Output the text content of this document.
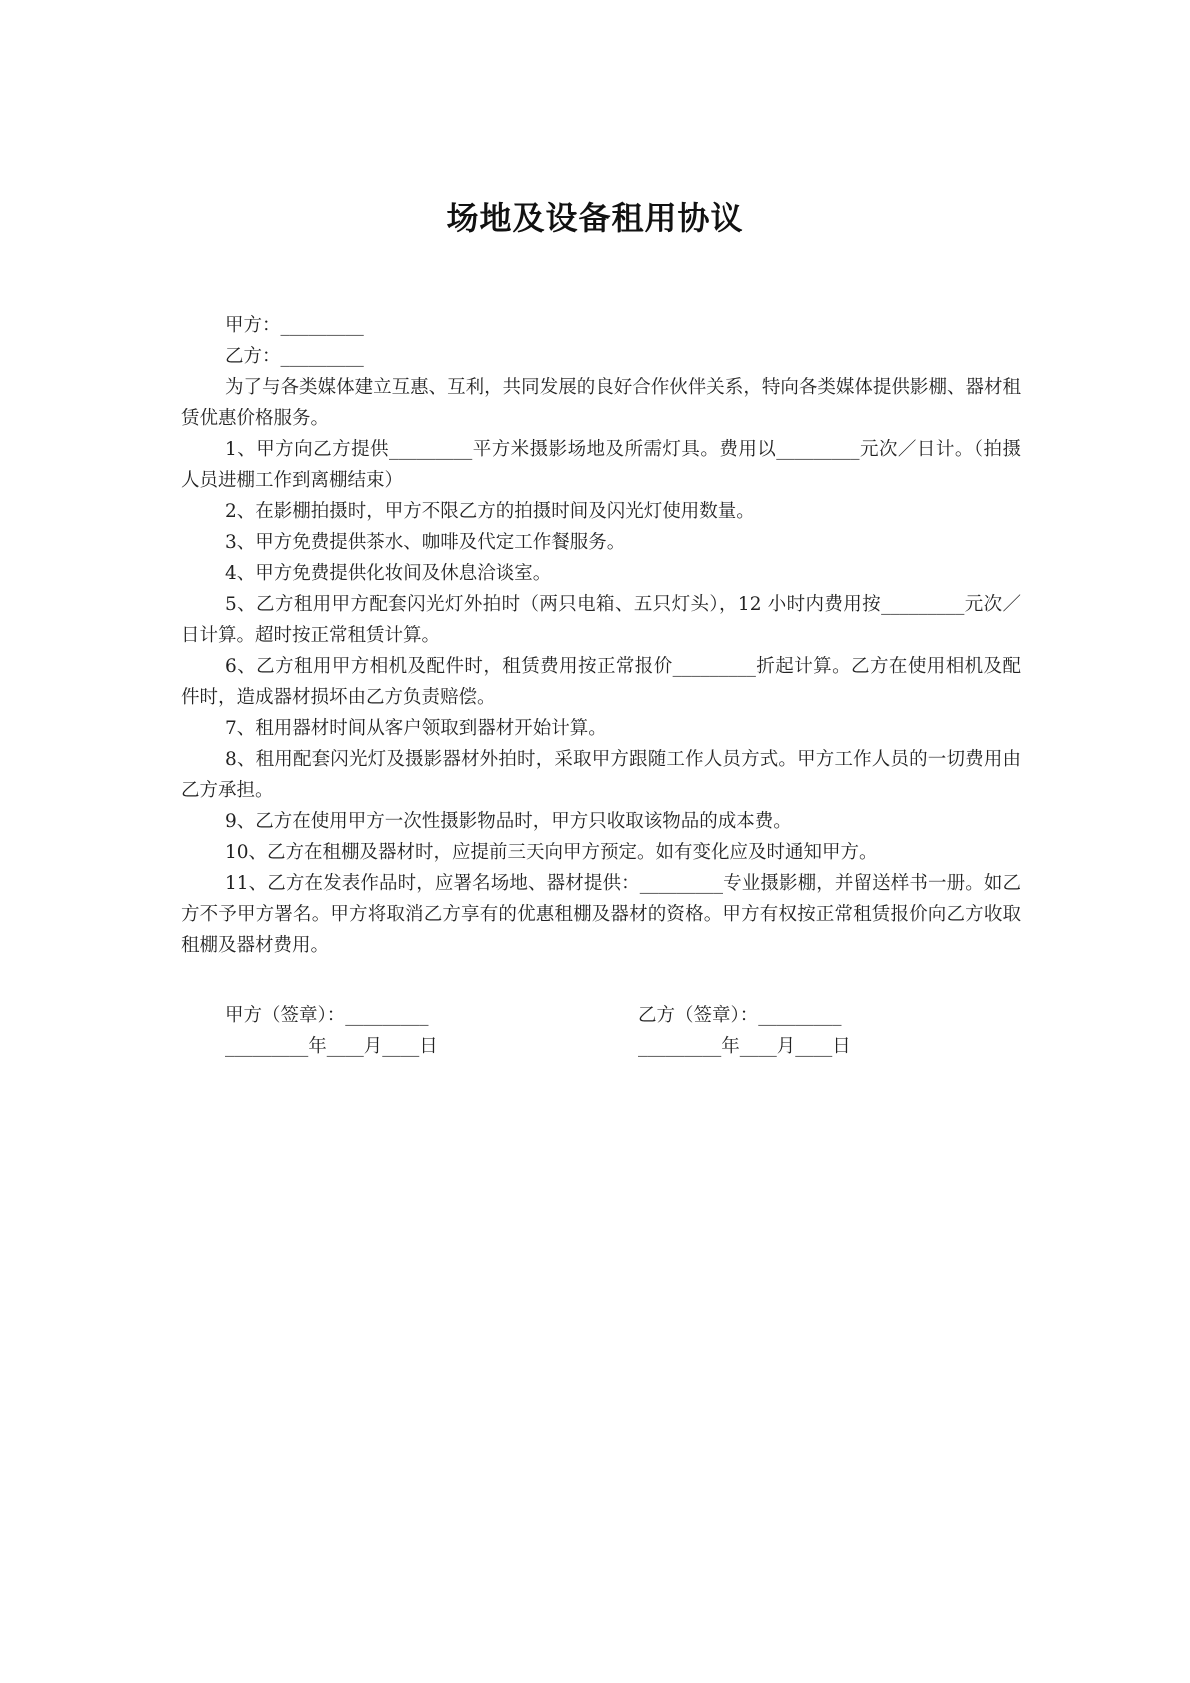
场地及设备租用协议

甲方：_________

乙方：_________

为了与各类媒体建立互惠、互利，共同发展的良好合作伙伴关系，特向各类媒体提供影棚、器材租赁优惠价格服务。

1、甲方向乙方提供_________平方米摄影场地及所需灯具。费用以_________元次／日计。（拍摄人员进棚工作到离棚结束）

2、在影棚拍摄时，甲方不限乙方的拍摄时间及闪光灯使用数量。

3、甲方免费提供茶水、咖啡及代定工作餐服务。

4、甲方免费提供化妆间及休息洽谈室。

5、乙方租用甲方配套闪光灯外拍时（两只电箱、五只灯头），12 小时内费用按_________元次／日计算。超时按正常租赁计算。

6、乙方租用甲方相机及配件时，租赁费用按正常报价_________折起计算。乙方在使用相机及配件时，造成器材损坏由乙方负责赔偿。

7、租用器材时间从客户领取到器材开始计算。

8、租用配套闪光灯及摄影器材外拍时，采取甲方跟随工作人员方式。甲方工作人员的一切费用由乙方承担。

9、乙方在使用甲方一次性摄影物品时，甲方只收取该物品的成本费。

10、乙方在租棚及器材时，应提前三天向甲方预定。如有变化应及时通知甲方。

11、乙方在发表作品时，应署名场地、器材提供：_________专业摄影棚，并留送样书一册。如乙方不予甲方署名。甲方将取消乙方享有的优惠租棚及器材的资格。甲方有权按正常租赁报价向乙方收取租棚及器材费用。

甲方（签章）：_________

_________年____月____日

乙方（签章）：_________

_________年____月____日
